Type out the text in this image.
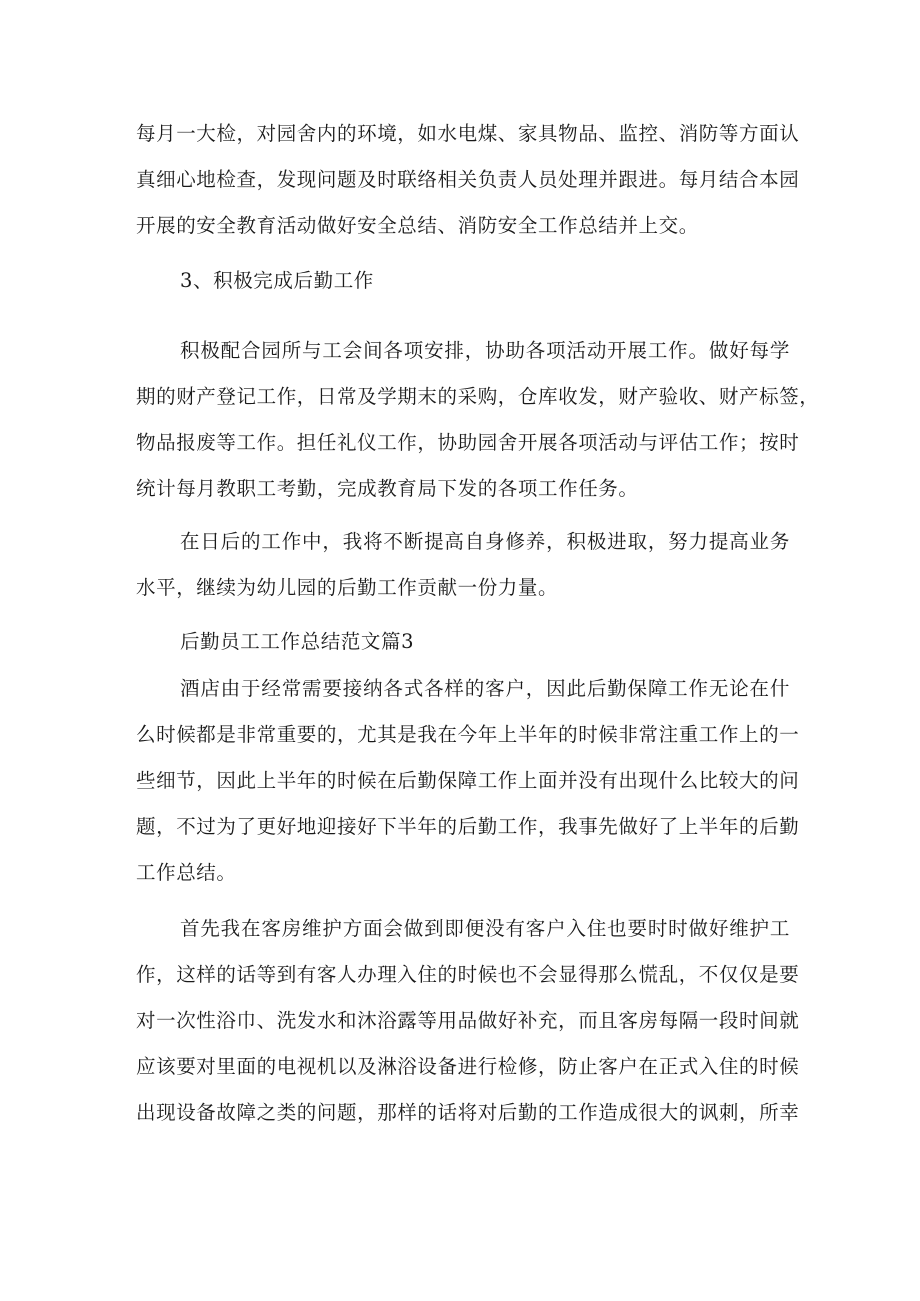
每月一大检，对园舍内的环境，如水电煤、家具物品、监控、消防等方面认
真细心地检查，发现问题及时联络相关负责人员处理并跟进。每月结合本园
开展的安全教育活动做好安全总结、消防安全工作总结并上交。
3、积极完成后勤工作
积极配合园所与工会间各项安排，协助各项活动开展工作。做好每学
期的财产登记工作，日常及学期末的采购，仓库收发，财产验收、财产标签，
物品报废等工作。担任礼仪工作，协助园舍开展各项活动与评估工作；按时
统计每月教职工考勤，完成教育局下发的各项工作任务。
在日后的工作中，我将不断提高自身修养，积极进取，努力提高业务
水平，继续为幼儿园的后勤工作贡献一份力量。
后勤员工工作总结范文篇3
酒店由于经常需要接纳各式各样的客户，因此后勤保障工作无论在什
么时候都是非常重要的，尤其是我在今年上半年的时候非常注重工作上的一
些细节，因此上半年的时候在后勤保障工作上面并没有出现什么比较大的问
题，不过为了更好地迎接好下半年的后勤工作，我事先做好了上半年的后勤
工作总结。
首先我在客房维护方面会做到即便没有客户入住也要时时做好维护工
作，这样的话等到有客人办理入住的时候也不会显得那么慌乱，不仅仅是要
对一次性浴巾、洗发水和沐浴露等用品做好补充，而且客房每隔一段时间就
应该要对里面的电视机以及淋浴设备进行检修，防止客户在正式入住的时候
出现设备故障之类的问题，那样的话将对后勤的工作造成很大的讽刺，所幸
